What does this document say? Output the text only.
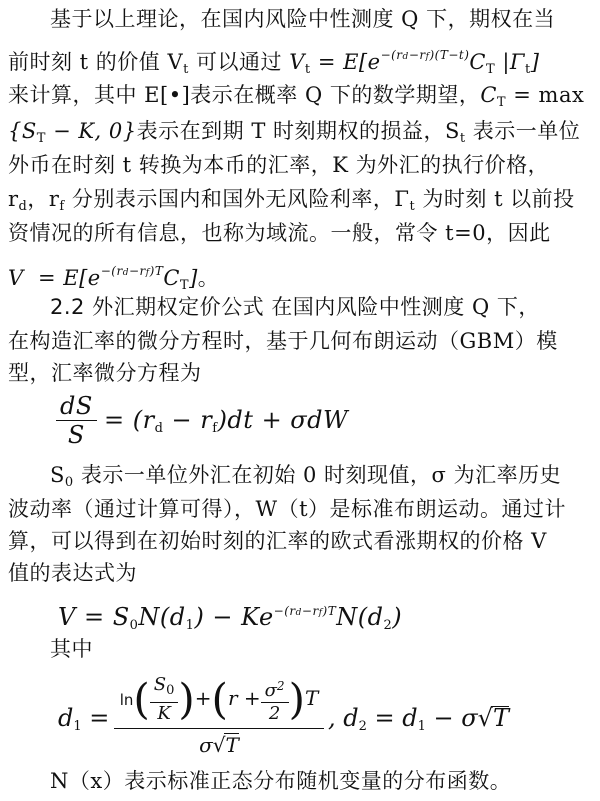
基于以上理论，在国内风险中性测度 Q 下，期权在当
前时刻 t 的价值 $V_t$ 可以通过 $V_t = E[e^{-(rd-rf)(T-t)}C_T$ $|\Gamma_t$]
来计算，其中 E[•]表示在概率 Q 下的数学期望，$C_T = \max$
{$S_T - K$, 0}表示在到期 T 时刻期权的损益，$S_t$ 表示一单位
外币在时刻 t 转换为本币的汇率，K 为外汇的执行价格，
$r_d$，$r_f$ 分别表示国内和国外无风险利率，$\Gamma_t$ 为时刻 t 以前投
资情况的所有信息，也称为域流。一般，常令 t=0，因此
$V = E[e^{-(rd-rf)T}C_T]$。
2.2 外汇期权定价公式 在国内风险中性测度 Q 下，
在构造汇率的微分方程时，基于几何布朗运动（GBM）模
型，汇率微分方程为
$\frac{dS}{S} = (r_d - r_f)dt + \sigma dW$
$S_0$ 表示一单位外汇在初始 0 时刻现值，σ 为汇率历史
波动率（通过计算可得），W（t）是标准布朗运动。通过计
算，可以得到在初始时刻的汇率的欧式看涨期权的价格 V
值的表达式为
$V = S_0N(d_1) - Ke^{-(rd-rf)T}N(d_2)$
其中
$d_1$ =
$\ln( \frac{S_0}{K} )+(r + \frac{\sigma^2}{2} )T$
σ√T
, $d_2 = d_1 - \sigma√T$
N（x）表示标准正态分布随机变量的分布函数。
